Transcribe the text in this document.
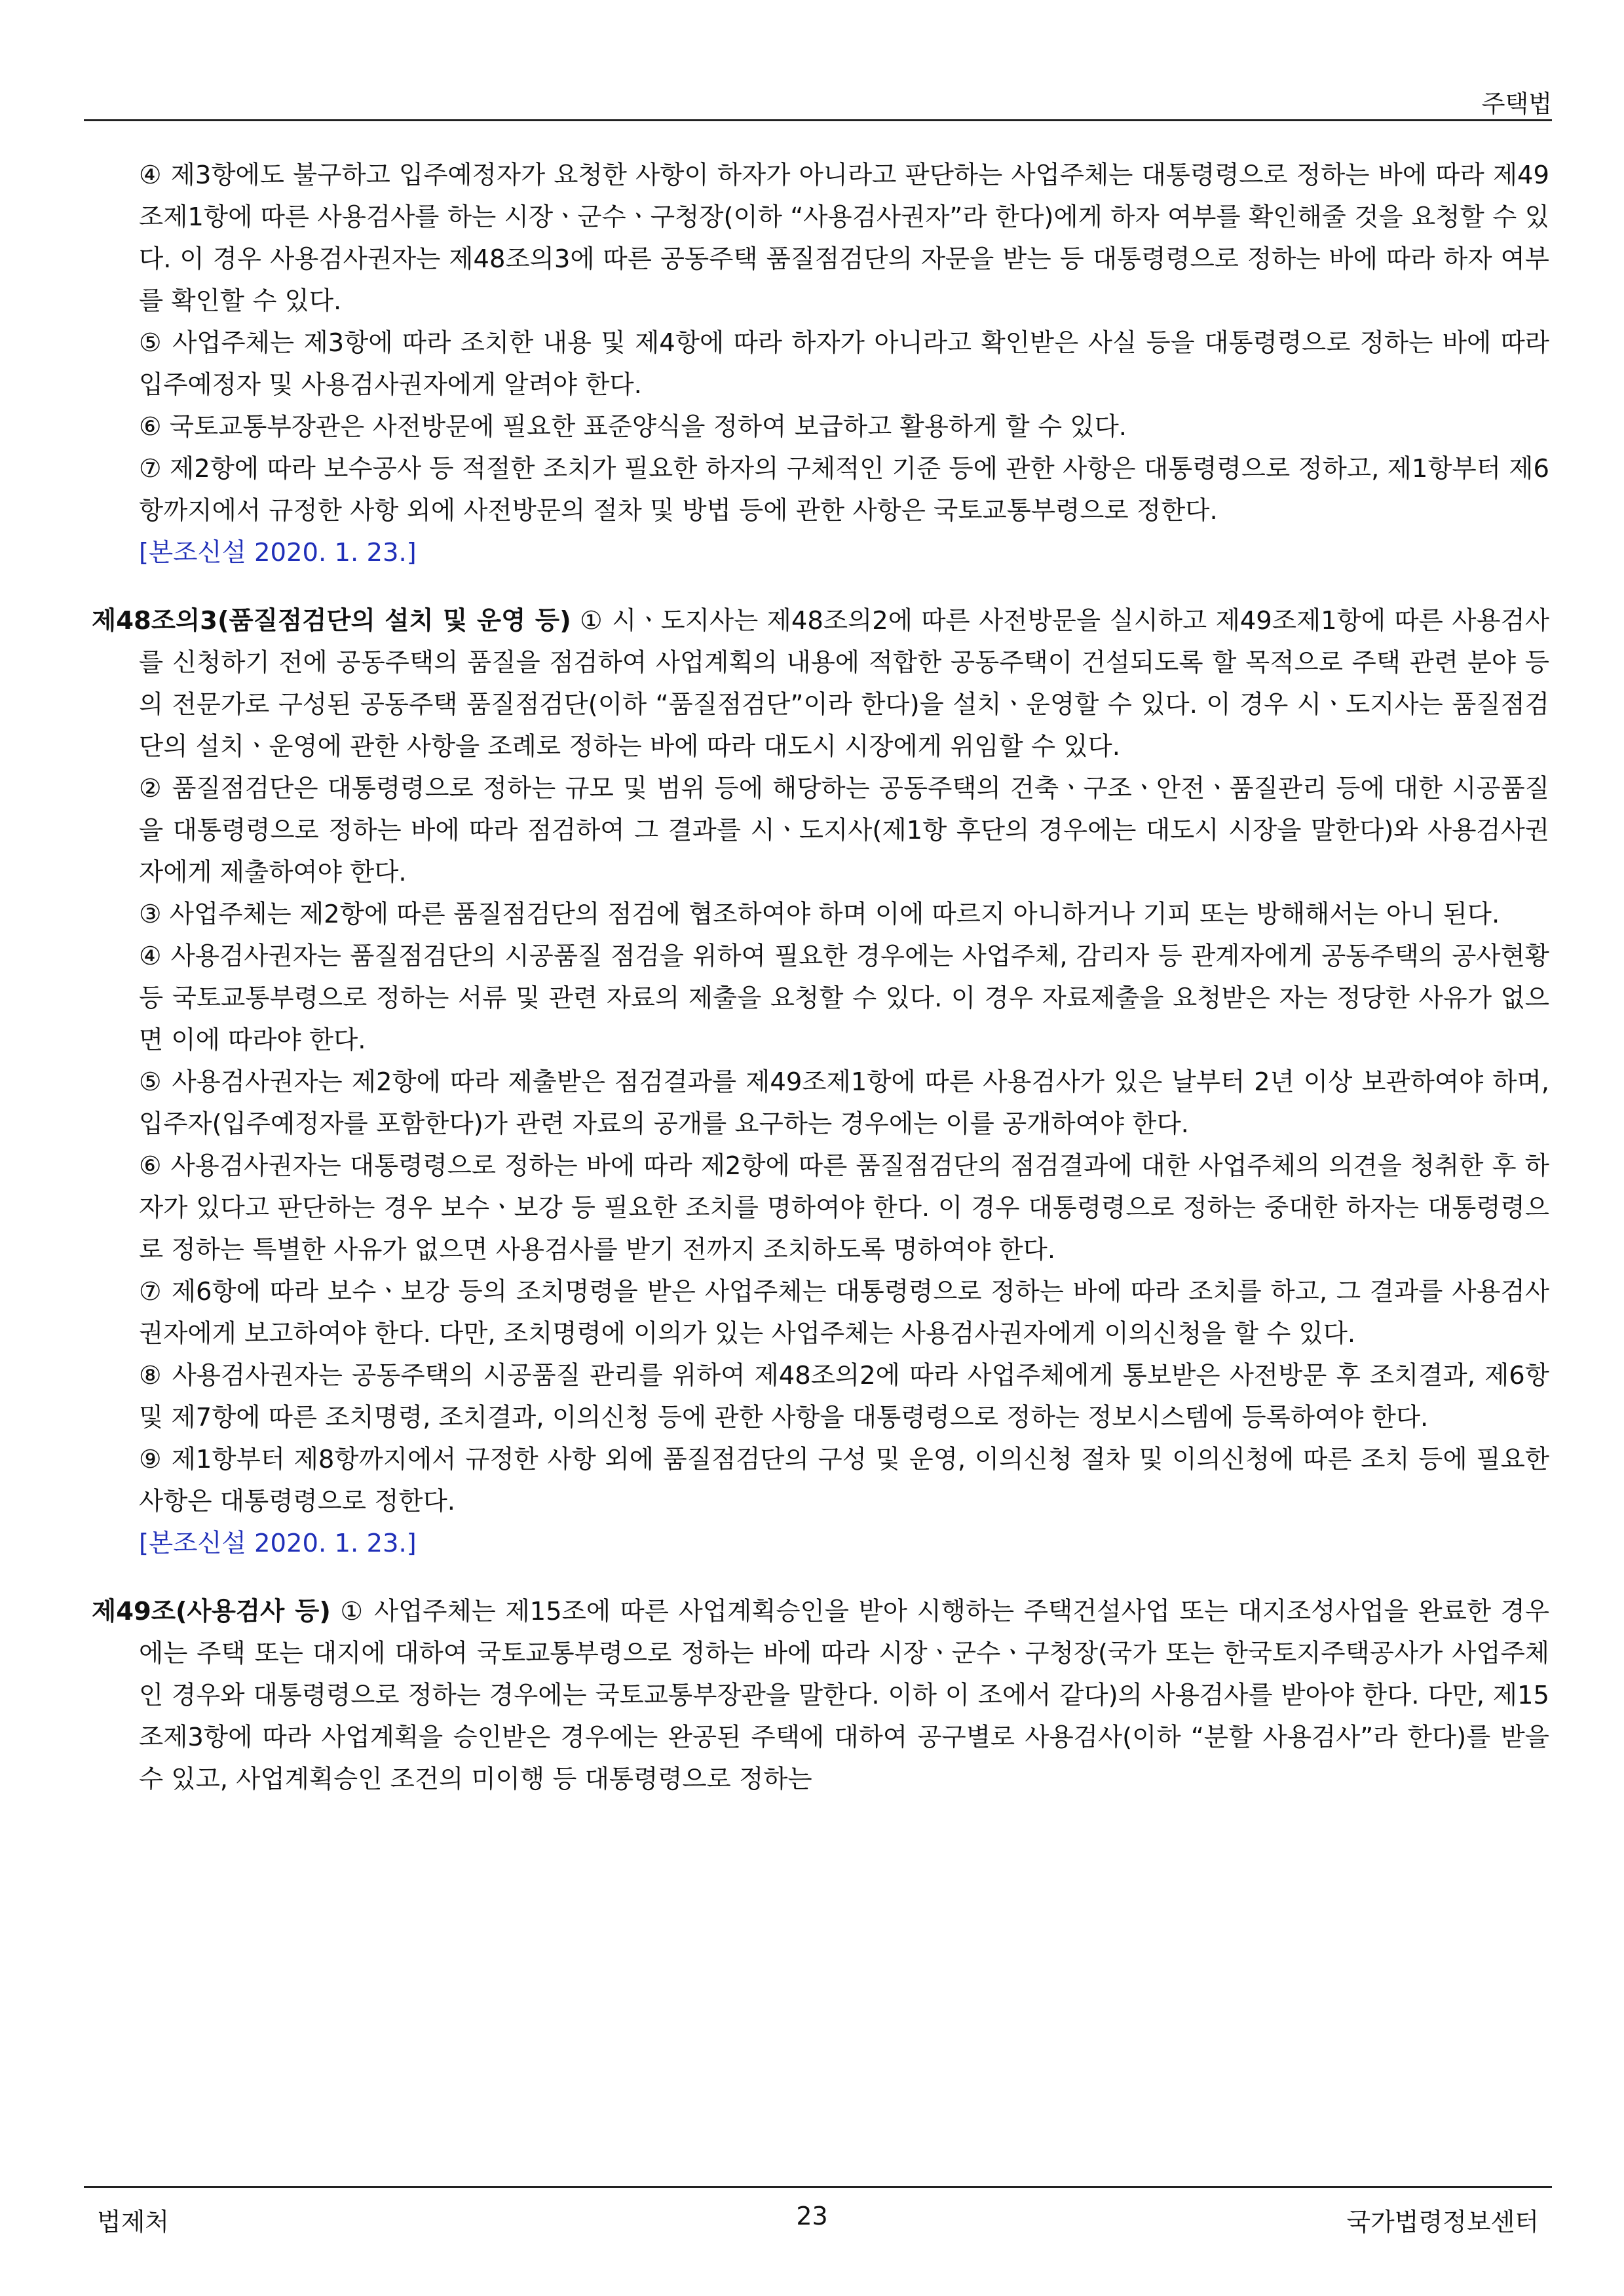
주택법
④ 제3항에도 불구하고 입주예정자가 요청한 사항이 하자가 아니라고 판단하는 사업주체는 대통령령으로 정하는 바에 따라 제49조제1항에 따른 사용검사를 하는 시장ㆍ군수ㆍ구청장(이하 “사용검사권자”라 한다)에게 하자 여부를 확인해줄 것을 요청할 수 있다. 이 경우 사용검사권자는 제48조의3에 따른 공동주택 품질점검단의 자문을 받는 등 대통령령으로 정하는 바에 따라 하자 여부를 확인할 수 있다.
⑤ 사업주체는 제3항에 따라 조치한 내용 및 제4항에 따라 하자가 아니라고 확인받은 사실 등을 대통령령으로 정하는 바에 따라 입주예정자 및 사용검사권자에게 알려야 한다.
⑥ 국토교통부장관은 사전방문에 필요한 표준양식을 정하여 보급하고 활용하게 할 수 있다.
⑦ 제2항에 따라 보수공사 등 적절한 조치가 필요한 하자의 구체적인 기준 등에 관한 사항은 대통령령으로 정하고, 제1항부터 제6항까지에서 규정한 사항 외에 사전방문의 절차 및 방법 등에 관한 사항은 국토교통부령으로 정한다.
[본조신설 2020. 1. 23.]
제48조의3(품질점검단의 설치 및 운영 등) ① 시ㆍ도지사는 제48조의2에 따른 사전방문을 실시하고 제49조제1항에 따른 사용검사를 신청하기 전에 공동주택의 품질을 점검하여 사업계획의 내용에 적합한 공동주택이 건설되도록 할 목적으로 주택 관련 분야 등의 전문가로 구성된 공동주택 품질점검단(이하 “품질점검단”이라 한다)을 설치ㆍ운영할 수 있다. 이 경우 시ㆍ도지사는 품질점검단의 설치ㆍ운영에 관한 사항을 조례로 정하는 바에 따라 대도시 시장에게 위임할 수 있다.
② 품질점검단은 대통령령으로 정하는 규모 및 범위 등에 해당하는 공동주택의 건축ㆍ구조ㆍ안전ㆍ품질관리 등에 대한 시공품질을 대통령령으로 정하는 바에 따라 점검하여 그 결과를 시ㆍ도지사(제1항 후단의 경우에는 대도시 시장을 말한다)와 사용검사권자에게 제출하여야 한다.
③ 사업주체는 제2항에 따른 품질점검단의 점검에 협조하여야 하며 이에 따르지 아니하거나 기피 또는 방해해서는 아니 된다.
④ 사용검사권자는 품질점검단의 시공품질 점검을 위하여 필요한 경우에는 사업주체, 감리자 등 관계자에게 공동주택의 공사현황 등 국토교통부령으로 정하는 서류 및 관련 자료의 제출을 요청할 수 있다. 이 경우 자료제출을 요청받은 자는 정당한 사유가 없으면 이에 따라야 한다.
⑤ 사용검사권자는 제2항에 따라 제출받은 점검결과를 제49조제1항에 따른 사용검사가 있은 날부터 2년 이상 보관하여야 하며, 입주자(입주예정자를 포함한다)가 관련 자료의 공개를 요구하는 경우에는 이를 공개하여야 한다.
⑥ 사용검사권자는 대통령령으로 정하는 바에 따라 제2항에 따른 품질점검단의 점검결과에 대한 사업주체의 의견을 청취한 후 하자가 있다고 판단하는 경우 보수ㆍ보강 등 필요한 조치를 명하여야 한다. 이 경우 대통령령으로 정하는 중대한 하자는 대통령령으로 정하는 특별한 사유가 없으면 사용검사를 받기 전까지 조치하도록 명하여야 한다.
⑦ 제6항에 따라 보수ㆍ보강 등의 조치명령을 받은 사업주체는 대통령령으로 정하는 바에 따라 조치를 하고, 그 결과를 사용검사권자에게 보고하여야 한다. 다만, 조치명령에 이의가 있는 사업주체는 사용검사권자에게 이의신청을 할 수 있다.
⑧ 사용검사권자는 공동주택의 시공품질 관리를 위하여 제48조의2에 따라 사업주체에게 통보받은 사전방문 후 조치결과, 제6항 및 제7항에 따른 조치명령, 조치결과, 이의신청 등에 관한 사항을 대통령령으로 정하는 정보시스템에 등록하여야 한다.
⑨ 제1항부터 제8항까지에서 규정한 사항 외에 품질점검단의 구성 및 운영, 이의신청 절차 및 이의신청에 따른 조치 등에 필요한 사항은 대통령령으로 정한다.
[본조신설 2020. 1. 23.]
제49조(사용검사 등) ① 사업주체는 제15조에 따른 사업계획승인을 받아 시행하는 주택건설사업 또는 대지조성사업을 완료한 경우에는 주택 또는 대지에 대하여 국토교통부령으로 정하는 바에 따라 시장ㆍ군수ㆍ구청장(국가 또는 한국토지주택공사가 사업주체인 경우와 대통령령으로 정하는 경우에는 국토교통부장관을 말한다. 이하 이 조에서 같다)의 사용검사를 받아야 한다. 다만, 제15조제3항에 따라 사업계획을 승인받은 경우에는 완공된 주택에 대하여 공구별로 사용검사(이하 “분할 사용검사”라 한다)를 받을 수 있고, 사업계획승인 조건의 미이행 등 대통령령으로 정하는
법제처	23	국가법령정보센터
